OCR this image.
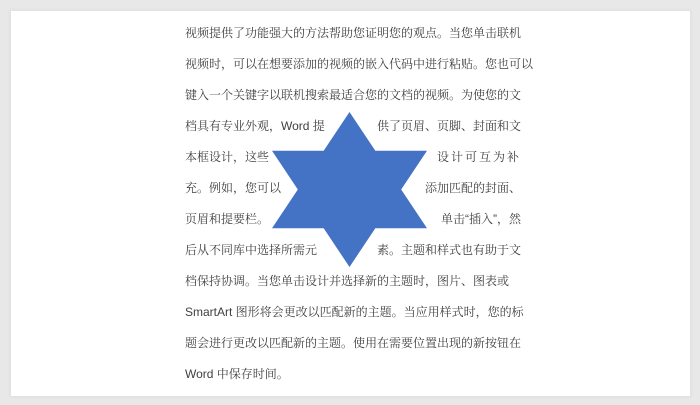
视频提供了功能强大的方法帮助您证明您的观点。当您单击联机
视频时，可以在想要添加的视频的嵌入代码中进行粘贴。您也可以
键入一个关键字以联机搜索最适合您的文档的视频。为使您的文
档具有专业外观，Word 提	供了页眉、页脚、封面和文
本框设计，这些	设计可互为补
充。例如，您可以	添加匹配的封面、
页眉和提要栏。	单击“插入”，然
后从不同库中选择所需元	素。主题和样式也有助于文
档保持协调。当您单击设计并选择新的主题时，图片、图表或
SmartArt 图形将会更改以匹配新的主题。当应用样式时，您的标
题会进行更改以匹配新的主题。使用在需要位置出现的新按钮在
Word 中保存时间。
